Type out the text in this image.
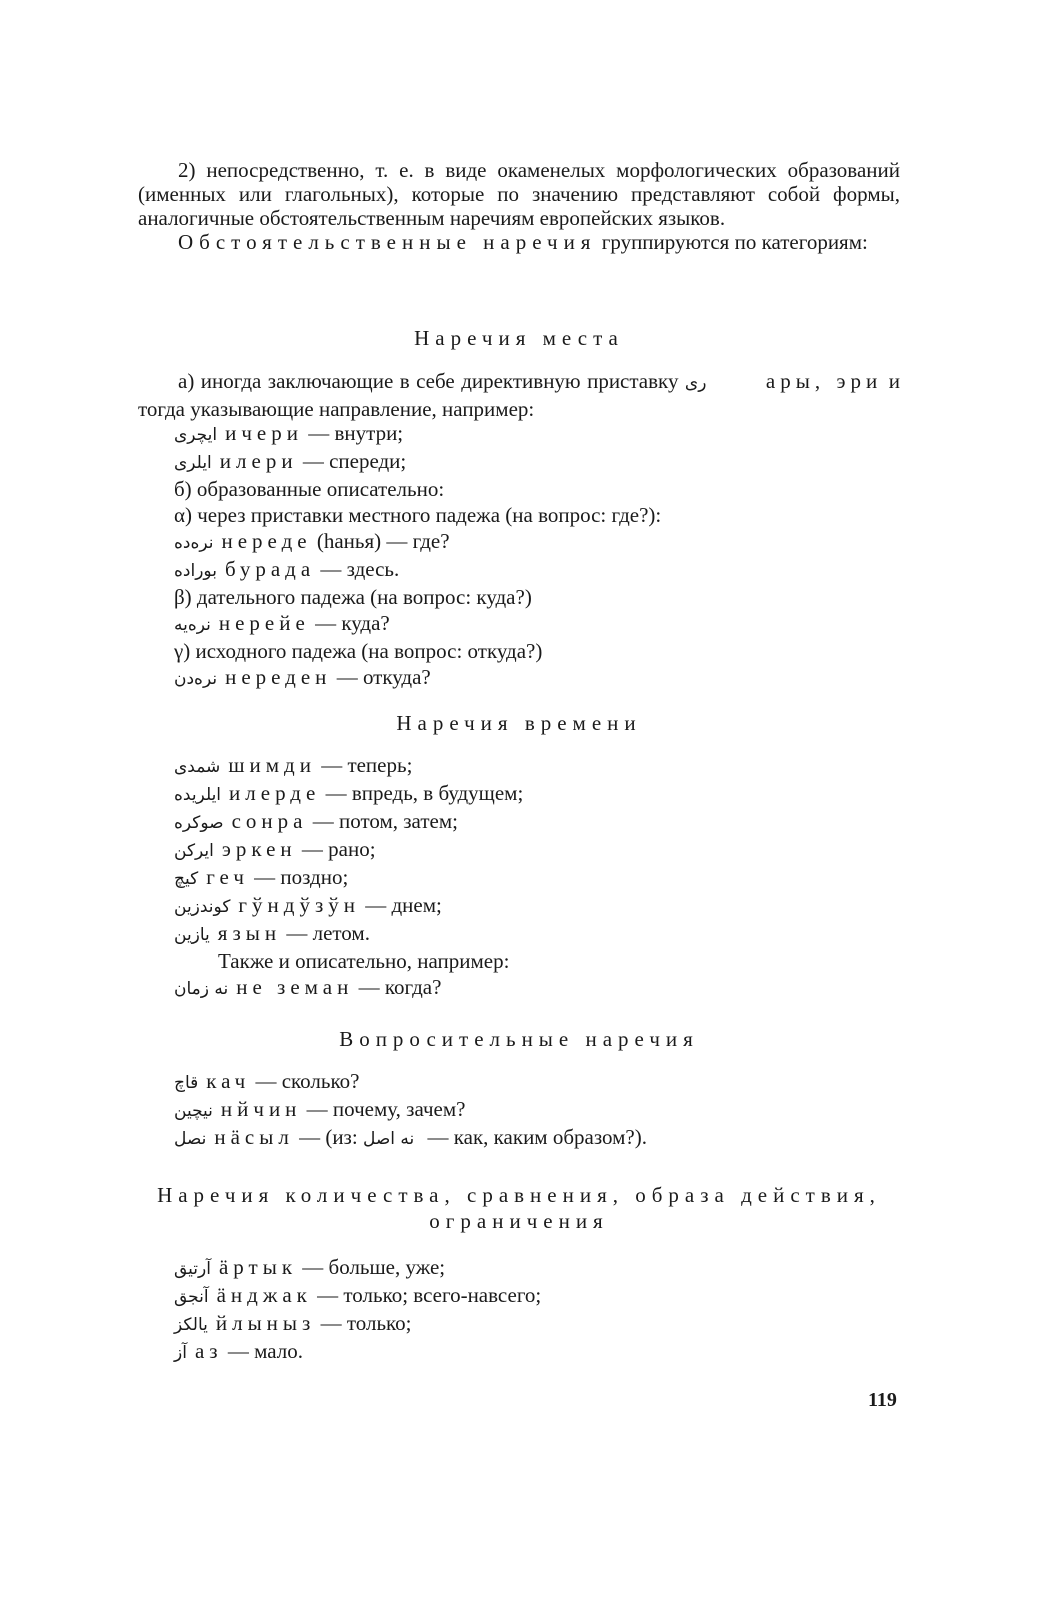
2) непосредственно, т. е. в виде окаменелых морфологических образований (именных или глагольных), которые по значению представляют собой формы, аналогичные обстоятельственным наречиям европейских языков.

Обстоятельственные наречия группируются по категориям:

Наречия места

а) иногда заключающие в себе директивную приставку رى ары, эри и тогда указывающие направление, например:

ایچری ичери — внутри;

ایلری илери — спереди;

б) образованные описательно:

α) через приставки местного падежа (на вопрос: где?):

نرەدە нереде (hанья) — где?

بورادە бурада — здесь.

β) дательного падежа (на вопрос: куда?)

نرەیە нерейе — куда?

γ) исходного падежа (на вопрос: откуда?)

نرەدن нереден — откуда?

Наречия времени

شمدی шимди — теперь;

ایلریدە илерде — впредь, в будущем;

صوکره сонра — потом, затем;

ایرکن эркен — рано;

کیچ геч — поздно;

کوندزین гўндўзўн — днем;

یازین язын — летом.

Также и описательно, например:

نه زمان не земан — когда?

Вопросительные наречия

قاچ кач — сколько?

نیچین нйчин — почему, зачем?

نصل нäсыл — (из: نه اصل — как, каким образом?).

Наречия количества, сравнения, образа действия,
ограничения

آرتیق äртык — больше, уже;

آنجق äнджак — только; всего-навсего;

یالکز йлыныз — только;

آز аз — мало.

119
